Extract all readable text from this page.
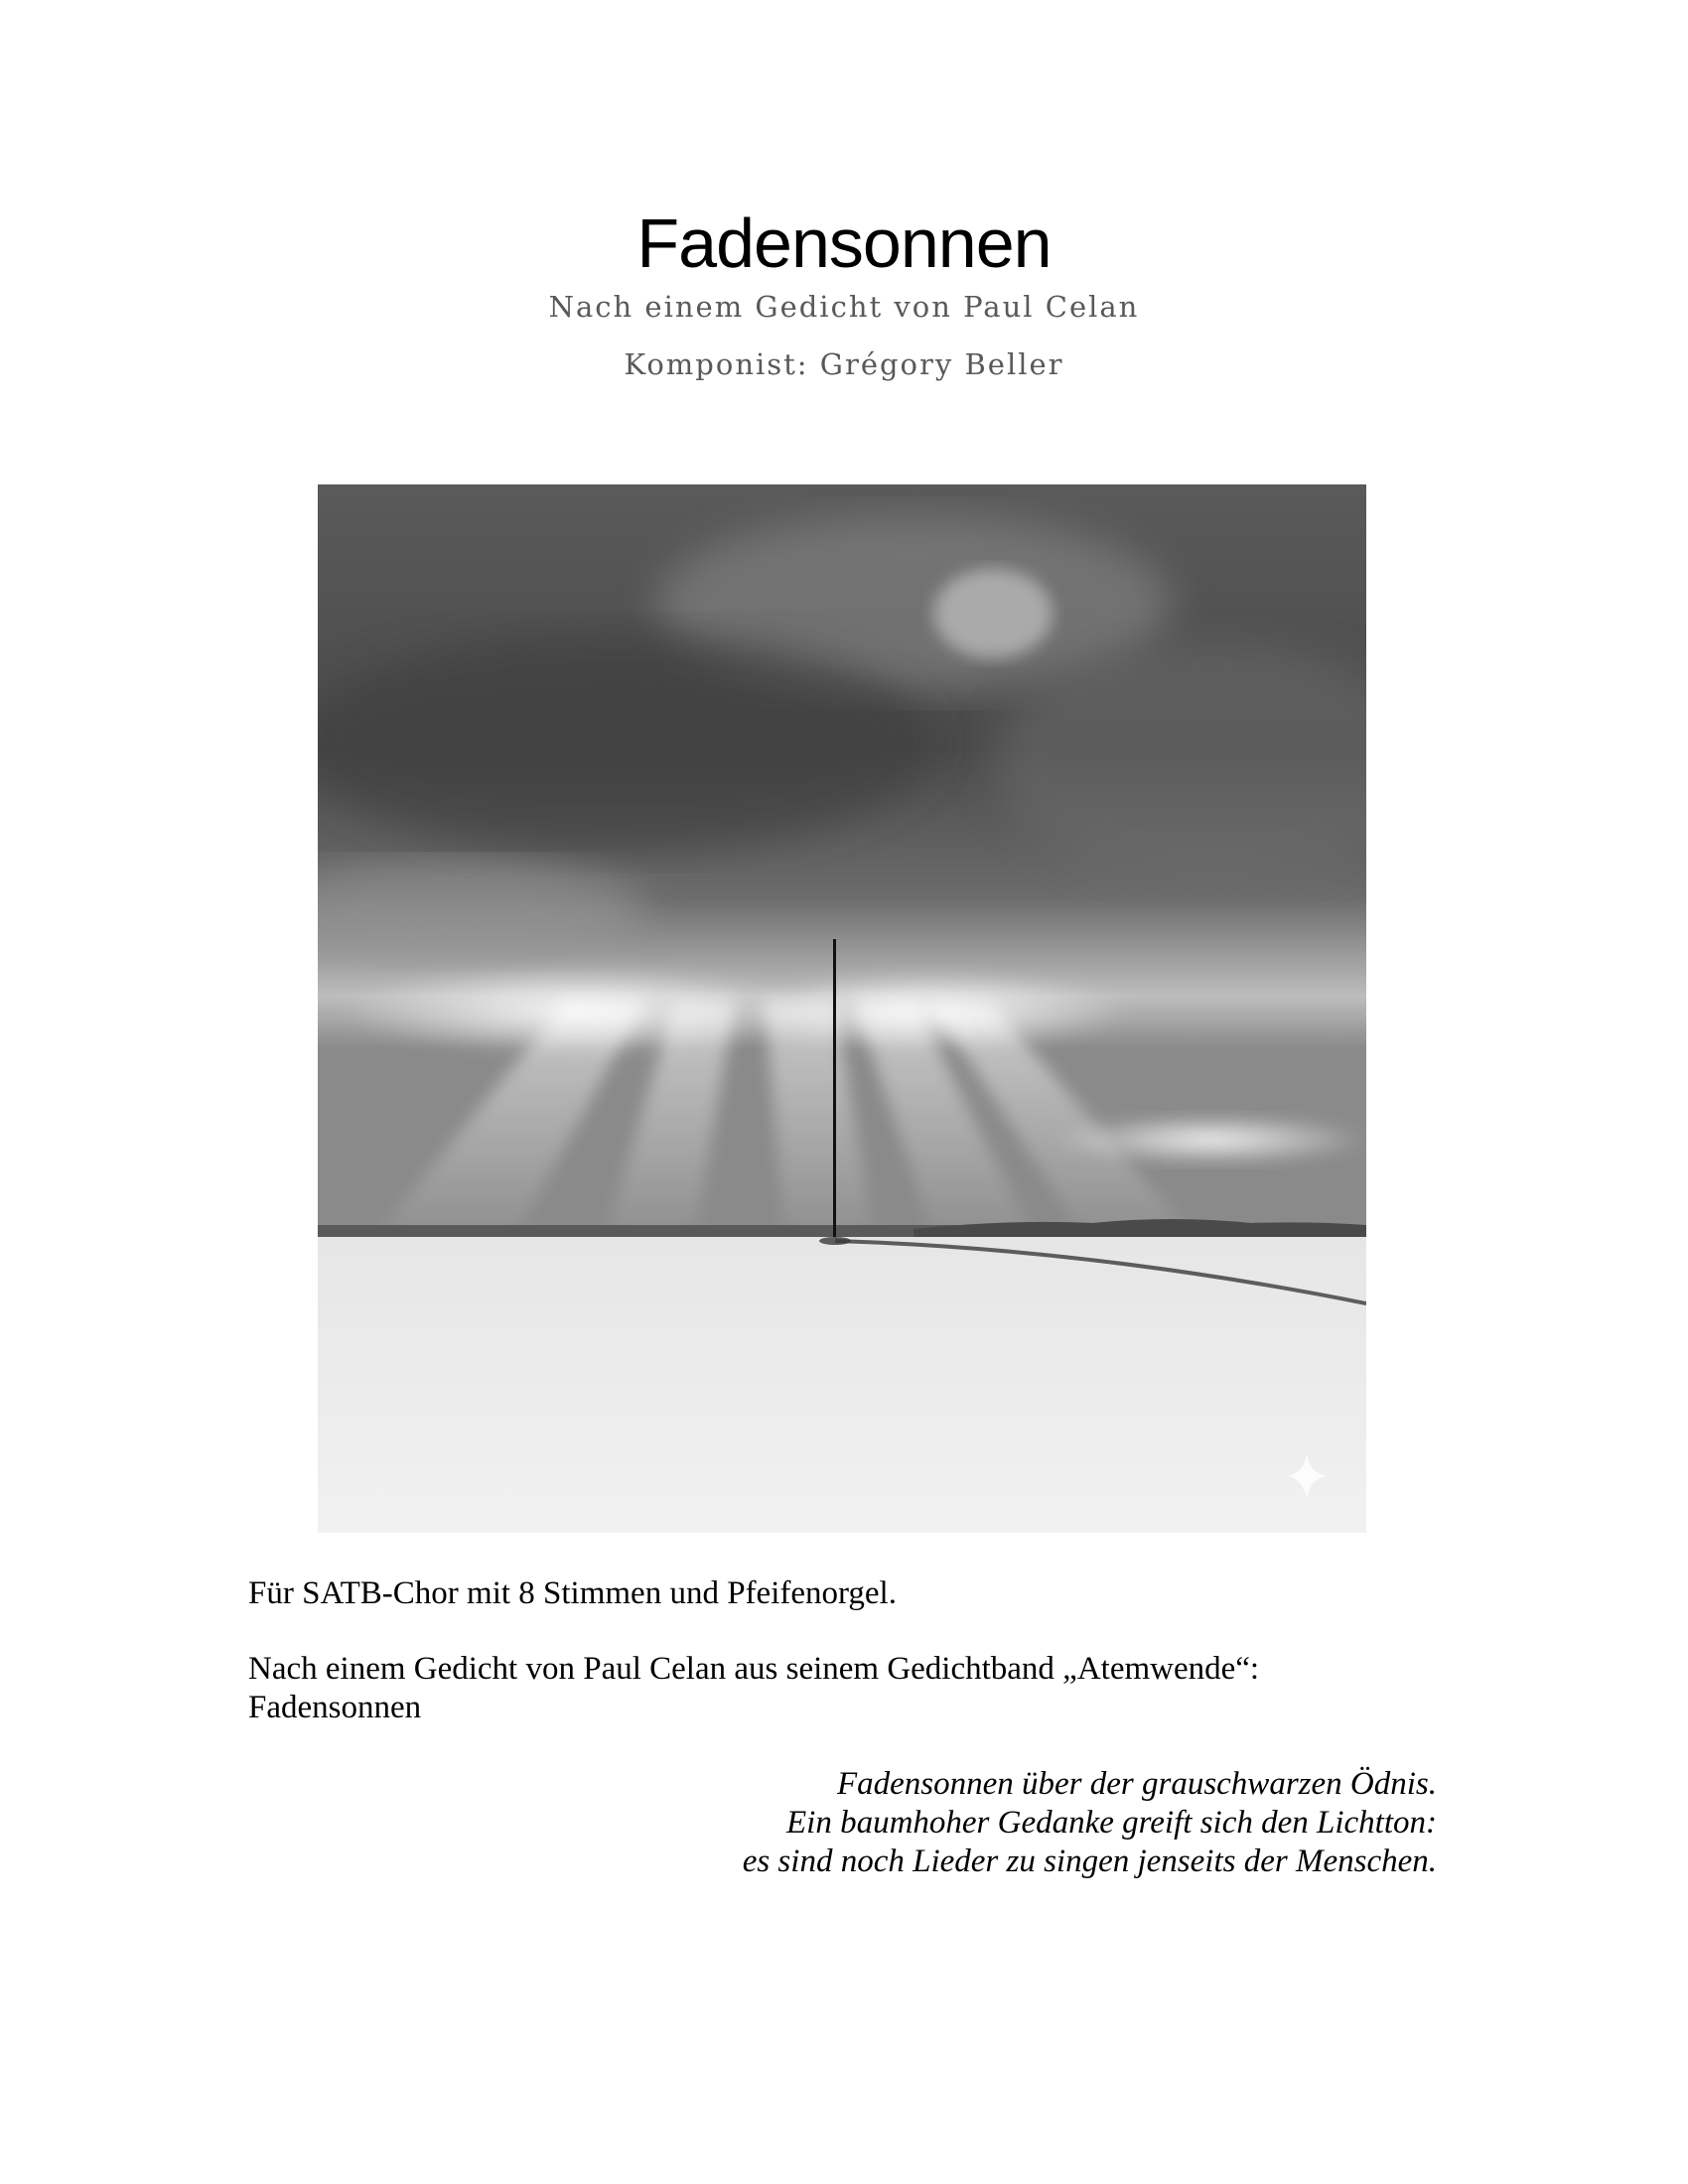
Fadensonnen
Nach einem Gedicht von Paul Celan
Komponist: Grégory Beller
Für SATB-Chor mit 8 Stimmen und Pfeifenorgel.
Nach einem Gedicht von Paul Celan aus seinem Gedichtband „Atemwende“:
Fadensonnen
Fadensonnen über der grauschwarzen Ödnis.
Ein baumhoher Gedanke greift sich den Lichtton:
es sind noch Lieder zu singen jenseits der Menschen.
